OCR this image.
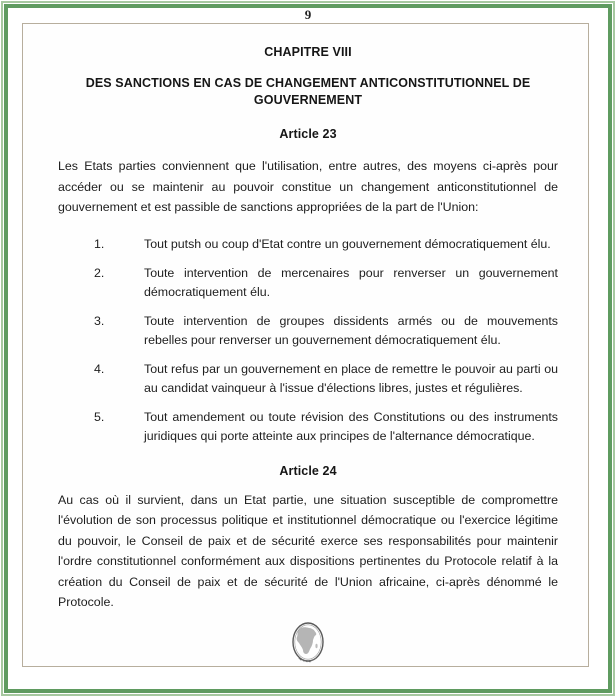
9
CHAPITRE VIII
DES SANCTIONS EN CAS DE CHANGEMENT ANTICONSTITUTIONNEL DE
GOUVERNEMENT
Article 23
Les Etats parties conviennent que l'utilisation, entre autres, des moyens ci-après pour accéder ou se maintenir au pouvoir constitue un changement anticonstitutionnel de gouvernement et est passible de sanctions appropriées de la part de l'Union:
1.	Tout putsh ou coup d'Etat contre un gouvernement démocratiquement élu.
2.	Toute intervention de mercenaires pour renverser un gouvernement démocratiquement élu.
3.	Toute intervention de groupes dissidents armés ou de mouvements rebelles pour renverser un gouvernement démocratiquement élu.
4.	Tout refus par un gouvernement en place de remettre le pouvoir au parti ou au candidat vainqueur à l'issue d'élections libres, justes et régulières.
5.	Tout amendement ou toute révision des Constitutions ou des instruments juridiques qui porte atteinte aux principes de l'alternance démocratique.
Article 24
Au cas où il survient, dans un Etat partie, une situation susceptible de compromettre l'évolution de son processus politique et institutionnel démocratique ou l'exercice légitime du pouvoir, le Conseil de paix et de sécurité exerce ses responsabilités pour maintenir l'ordre constitutionnel conformément aux dispositions pertinentes du Protocole relatif à la création du Conseil de paix et de sécurité de l'Union africaine, ci-après dénommé le Protocole.
